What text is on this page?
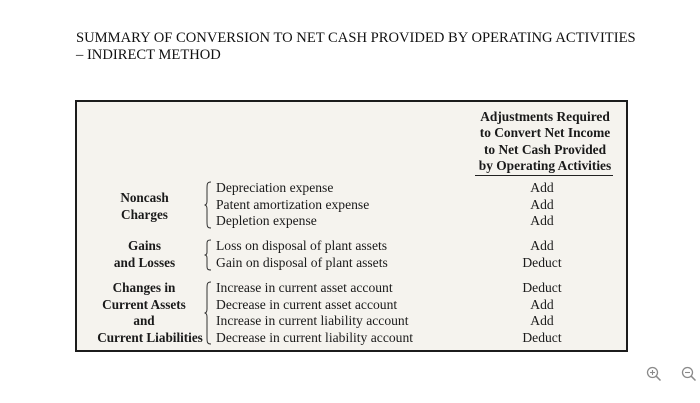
SUMMARY OF CONVERSION TO NET CASH PROVIDED BY OPERATING ACTIVITIES
– INDIRECT METHOD
Adjustments Required
to Convert Net Income
to Net Cash Provided
by Operating Activities
Noncash
Charges
Depreciation expense
Patent amortization expense
Depletion expense
Add
Add
Add
Gains
and Losses
Loss on disposal of plant assets
Gain on disposal of plant assets
Add
Deduct
Changes in
Current Assets
and
Current Liabilities
Increase in current asset account
Decrease in current asset account
Increase in current liability account
Decrease in current liability account
Deduct
Add
Add
Deduct
